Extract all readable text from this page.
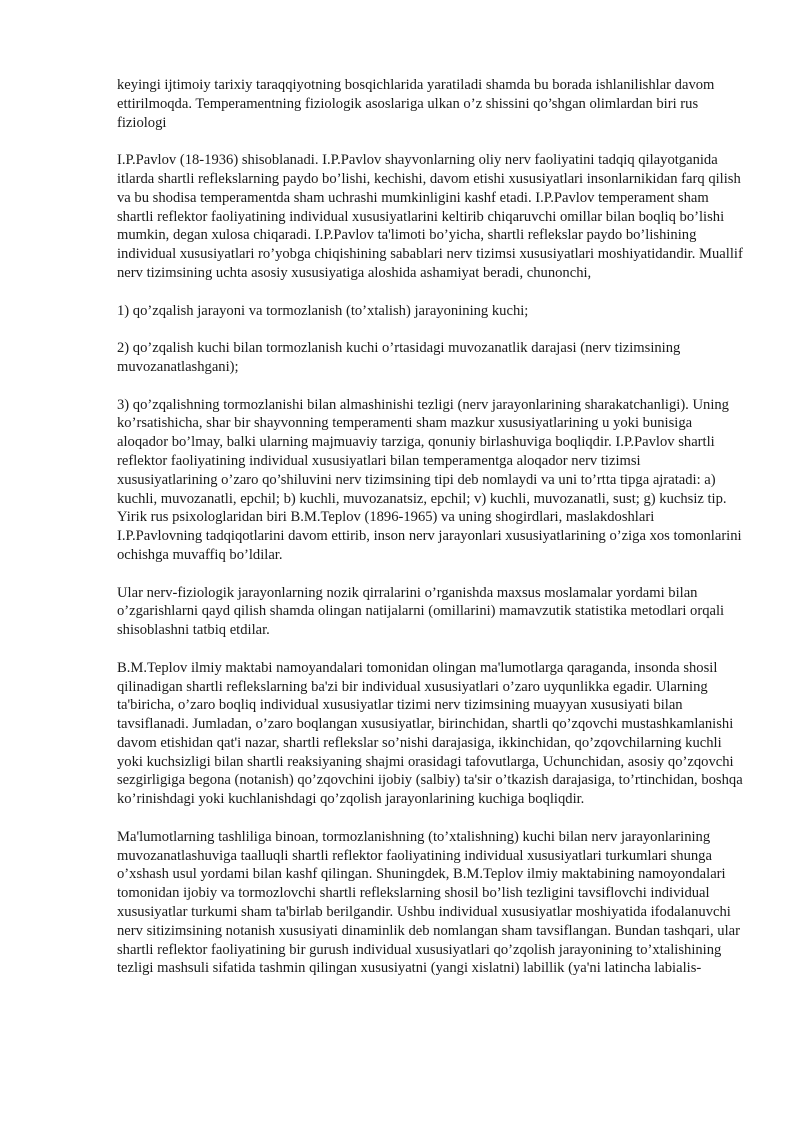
keyingi ijtimoiy tarixiy taraqqiyotning bosqichlarida yaratiladi shamda bu borada ishlanilishlar davom ettirilmoqda. Temperamentning fiziologik asoslariga ulkan o’z shissini qo’shgan olimlardan biri rus fiziologi

I.P.Pavlov (18-1936) shisoblanadi. I.P.Pavlov shayvonlarning oliy nerv faoliyatini tadqiq qilayotganida itlarda shartli reflekslarning paydo bo’lishi, kechishi, davom etishi xususiyatlari insonlarnikidan farq qilish va bu shodisa temperamentda sham uchrashi mumkinligini kashf etadi. I.P.Pavlov temperament sham shartli reflektor faoliyatining individual xususiyatlarini keltirib chiqaruvchi omillar bilan boqliq bo’lishi mumkin, degan xulosa chiqaradi. I.P.Pavlov ta'limoti bo’yicha, shartli reflekslar paydo bo’lishining individual xususiyatlari ro’yobga chiqishining sabablari nerv tizimsi xususiyatlari moshiyatidandir. Muallif nerv tizimsining uchta asosiy xususiyatiga aloshida ashamiyat beradi, chunonchi,

1) qo’zqalish jarayoni va tormozlanish (to’xtalish) jarayonining kuchi;

2) qo’zqalish kuchi bilan tormozlanish kuchi o’rtasidagi muvozanatlik darajasi (nerv tizimsining muvozanatlashgani);

3) qo’zqalishning tormozlanishi bilan almashinishi tezligi (nerv jarayonlarining sharakatchanligi). Uning ko’rsatishicha, shar bir shayvonning temperamenti sham mazkur xususiyatlarining u yoki bunisiga aloqador bo’lmay, balki ularning majmuaviy tarziga, qonuniy birlashuviga boqliqdir. I.P.Pavlov shartli reflektor faoliyatining individual xususiyatlari bilan temperamentga aloqador nerv tizimsi xususiyatlarining o’zaro qo’shiluvini nerv tizimsining tipi deb nomlaydi va uni to’rtta tipga ajratadi: a) kuchli, muvozanatli, epchil; b) kuchli, muvozanatsiz, epchil; v) kuchli, muvozanatli, sust; g) kuchsiz tip. Yirik rus psixologlaridan biri B.M.Teplov (1896-1965) va uning shogirdlari, maslakdoshlari I.P.Pavlovning tadqiqotlarini davom ettirib, inson nerv jarayonlari xususiyatlarining o’ziga xos tomonlarini ochishga muvaffiq bo’ldilar.

Ular nerv-fiziologik jarayonlarning nozik qirralarini o’rganishda maxsus moslamalar yordami bilan o’zgarishlarni qayd qilish shamda olingan natijalarni (omillarini) mamavzutik statistika metodlari orqali shisoblashni tatbiq etdilar.

B.M.Teplov ilmiy maktabi namoyandalari tomonidan olingan ma'lumotlarga qaraganda, insonda shosil qilinadigan shartli reflekslarning ba'zi bir individual xususiyatlari o’zaro uyqunlikka egadir. Ularning ta'biricha, o’zaro boqliq individual xususiyatlar tizimi nerv tizimsining muayyan xususiyati bilan tavsiflanadi. Jumladan, o’zaro boqlangan xususiyatlar, birinchidan, shartli qo’zqovchi mustashkamlanishi davom etishidan qat'i nazar, shartli reflekslar so’nishi darajasiga, ikkinchidan, qo’zqovchilarning kuchli yoki kuchsizligi bilan shartli reaksiyaning shajmi orasidagi tafovutlarga, Uchunchidan, asosiy qo’zqovchi sezgirligiga begona (notanish) qo’zqovchini ijobiy (salbiy) ta'sir o’tkazish darajasiga, to’rtinchidan, boshqa ko’rinishdagi yoki kuchlanishdagi qo’zqolish jarayonlarining kuchiga boqliqdir.

Ma'lumotlarning tashliliga binoan, tormozlanishning (to’xtalishning) kuchi bilan nerv jarayonlarining muvozanatlashuviga taalluqli shartli reflektor faoliyatining individual xususiyatlari turkumlari shunga o’xshash usul yordami bilan kashf qilingan. Shuningdek, B.M.Teplov ilmiy maktabining namoyondalari tomonidan ijobiy va tormozlovchi shartli reflekslarning shosil bo’lish tezligini tavsiflovchi individual xususiyatlar turkumi sham ta'birlab berilgandir. Ushbu individual xususiyatlar moshiyatida ifodalanuvchi nerv sitizimsining notanish xususiyati dinaminlik deb nomlangan sham tavsiflangan. Bundan tashqari, ular shartli reflektor faoliyatining bir gurush individual xususiyatlari qo’zqolish jarayonining to’xtalishining tezligi mashsuli sifatida tashmin qilingan xususiyatni (yangi xislatni) labillik (ya'ni latincha labialis-
